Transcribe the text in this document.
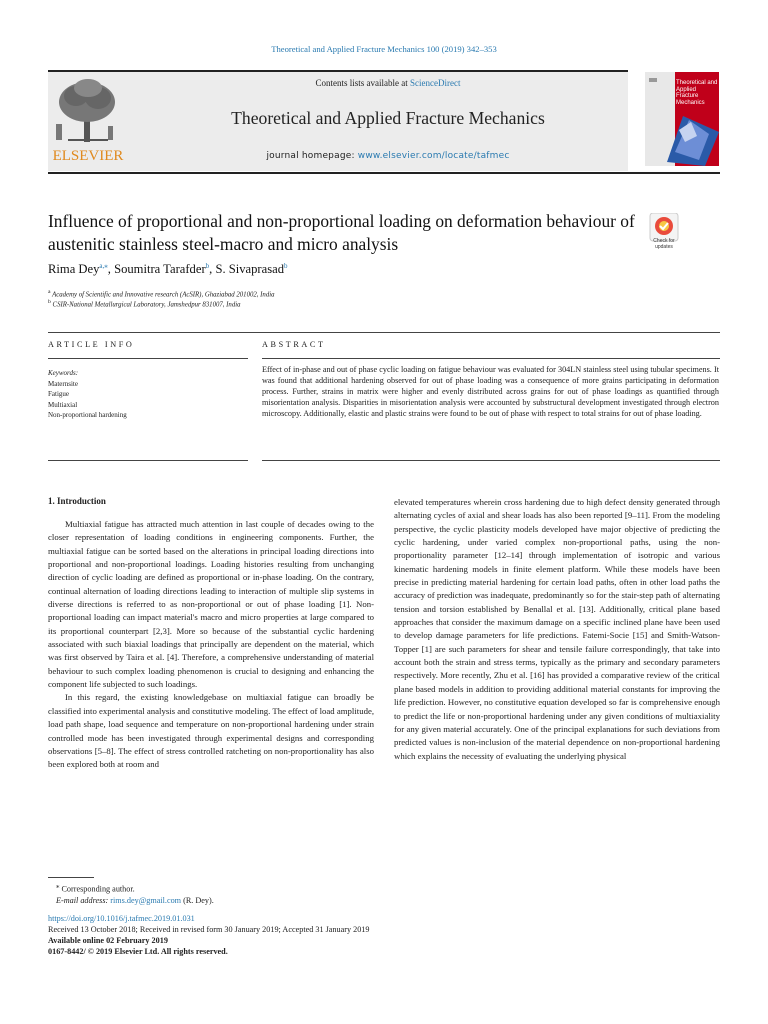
Theoretical and Applied Fracture Mechanics 100 (2019) 342–353
ELSEVIER
Contents lists available at ScienceDirect
Theoretical and Applied Fracture Mechanics
journal homepage: www.elsevier.com/locate/tafmec
Theoretical and Applied Fracture Mechanics
Influence of proportional and non-proportional loading on deformation behaviour of austenitic stainless steel-macro and micro analysis	Check for updates
Rima Dey$^{a,⁎}$, Soumitra Tarafder$^b$, S. Sivaprasad$^b$
$^a$ Academy of Scientific and Innovative research (AcSIR), Ghaziabad 201002, India
$^b$ CSIR-National Metallurgical Laboratory, Jamshedpur 831007, India
ARTICLE INFO	ABSTRACT
Keywords:
Maternsite
Fatigue
Multiaxial
Non-proportional hardening
Effect of in-phase and out of phase cyclic loading on fatigue behaviour was evaluated for 304LN stainless steel using tubular specimens. It was found that additional hardening observed for out of phase loading was a consequence of more grains participating in deformation process. Further, strains in matrix were higher and evenly distributed across grains for out of phase loadings as quantified through misorientation analysis. Disparities in misorientation analysis were accounted by substructural development investigated through electron microscopy. Additionally, elastic and plastic strains were found to be out of phase with respect to total strains for out of phase loading.
1. Introduction

Multiaxial fatigue has attracted much attention in last couple of decades owing to the closer representation of loading conditions in engineering components. Further, the multiaxial fatigue can be sorted based on the alterations in principal loading directions into proportional and non-proportional loadings. Loading histories resulting from unchanging direction of cyclic loading are defined as proportional or in-phase loading. On the contrary, continual alternation of loading directions leading to interaction of multiple slip systems in diverse directions is referred to as non-proportional or out of phase loading [1]. Non-proportional loading can impact material's macro and micro properties at large compared to its proportional counterpart [2,3]. More so because of the substantial cyclic hardening associated with such biaxial loadings that principally are dependent on the material, which was first observed by Taira et al. [4]. Therefore, a comprehensive understanding of material behaviour to such complex loading phenomenon is crucial to designing and enhancing the component life subjected to such loadings.

In this regard, the existing knowledgebase on multiaxial fatigue can broadly be classified into experimental analysis and constitutive modeling. The effect of load amplitude, load path shape, load sequence and temperature on non-proportional hardening under strain controlled mode has been investigated through experimental designs and corresponding observations [5–8]. The effect of stress controlled ratcheting on non-proportionality has also been explored both at room and

elevated temperatures wherein cross hardening due to high defect density generated through alternating cycles of axial and shear loads has also been reported [9–11]. From the modeling perspective, the cyclic plasticity models developed have major objective of predicting the cyclic hardening, under varied complex non-proportional paths, using the non-proportionality parameter [12–14] through implementation of isotropic and various kinematic hardening models in finite element platform. While these models have been precise in predicting material hardening for certain load paths, often in other load paths the accuracy of prediction was inadequate, predominantly so for the stair-step path of alternating tension and torsion established by Benallal et al. [13]. Additionally, critical plane based approaches that consider the maximum damage on a specific inclined plane have been used to develop damage parameters for life predictions. Fatemi-Socie [15] and Smith-Watson-Topper [1] are such parameters for shear and tensile failure correspondingly, that take into account both the strain and stress terms, typically as the primary and secondary parameters respectively. More recently, Zhu et al. [16] has provided a comparative review of the critical plane based models in addition to providing additional material constants for improving the life prediction. However, no constitutive equation developed so far is comprehensive enough to predict the life or non-proportional hardening under any given conditions of multiaxiality for any given material accurately. One of the principal explanations for such deviations from predicted values is non-inclusion of the material dependence on non-proportional hardening which explains the necessity of evaluating the underlying physical

⁎ Corresponding author.
E-mail address: rims.dey@gmail.com (R. Dey).
https://doi.org/10.1016/j.tafmec.2019.01.031
Received 13 October 2018; Received in revised form 30 January 2019; Accepted 31 January 2019
Available online 02 February 2019
0167-8442/ © 2019 Elsevier Ltd. All rights reserved.
